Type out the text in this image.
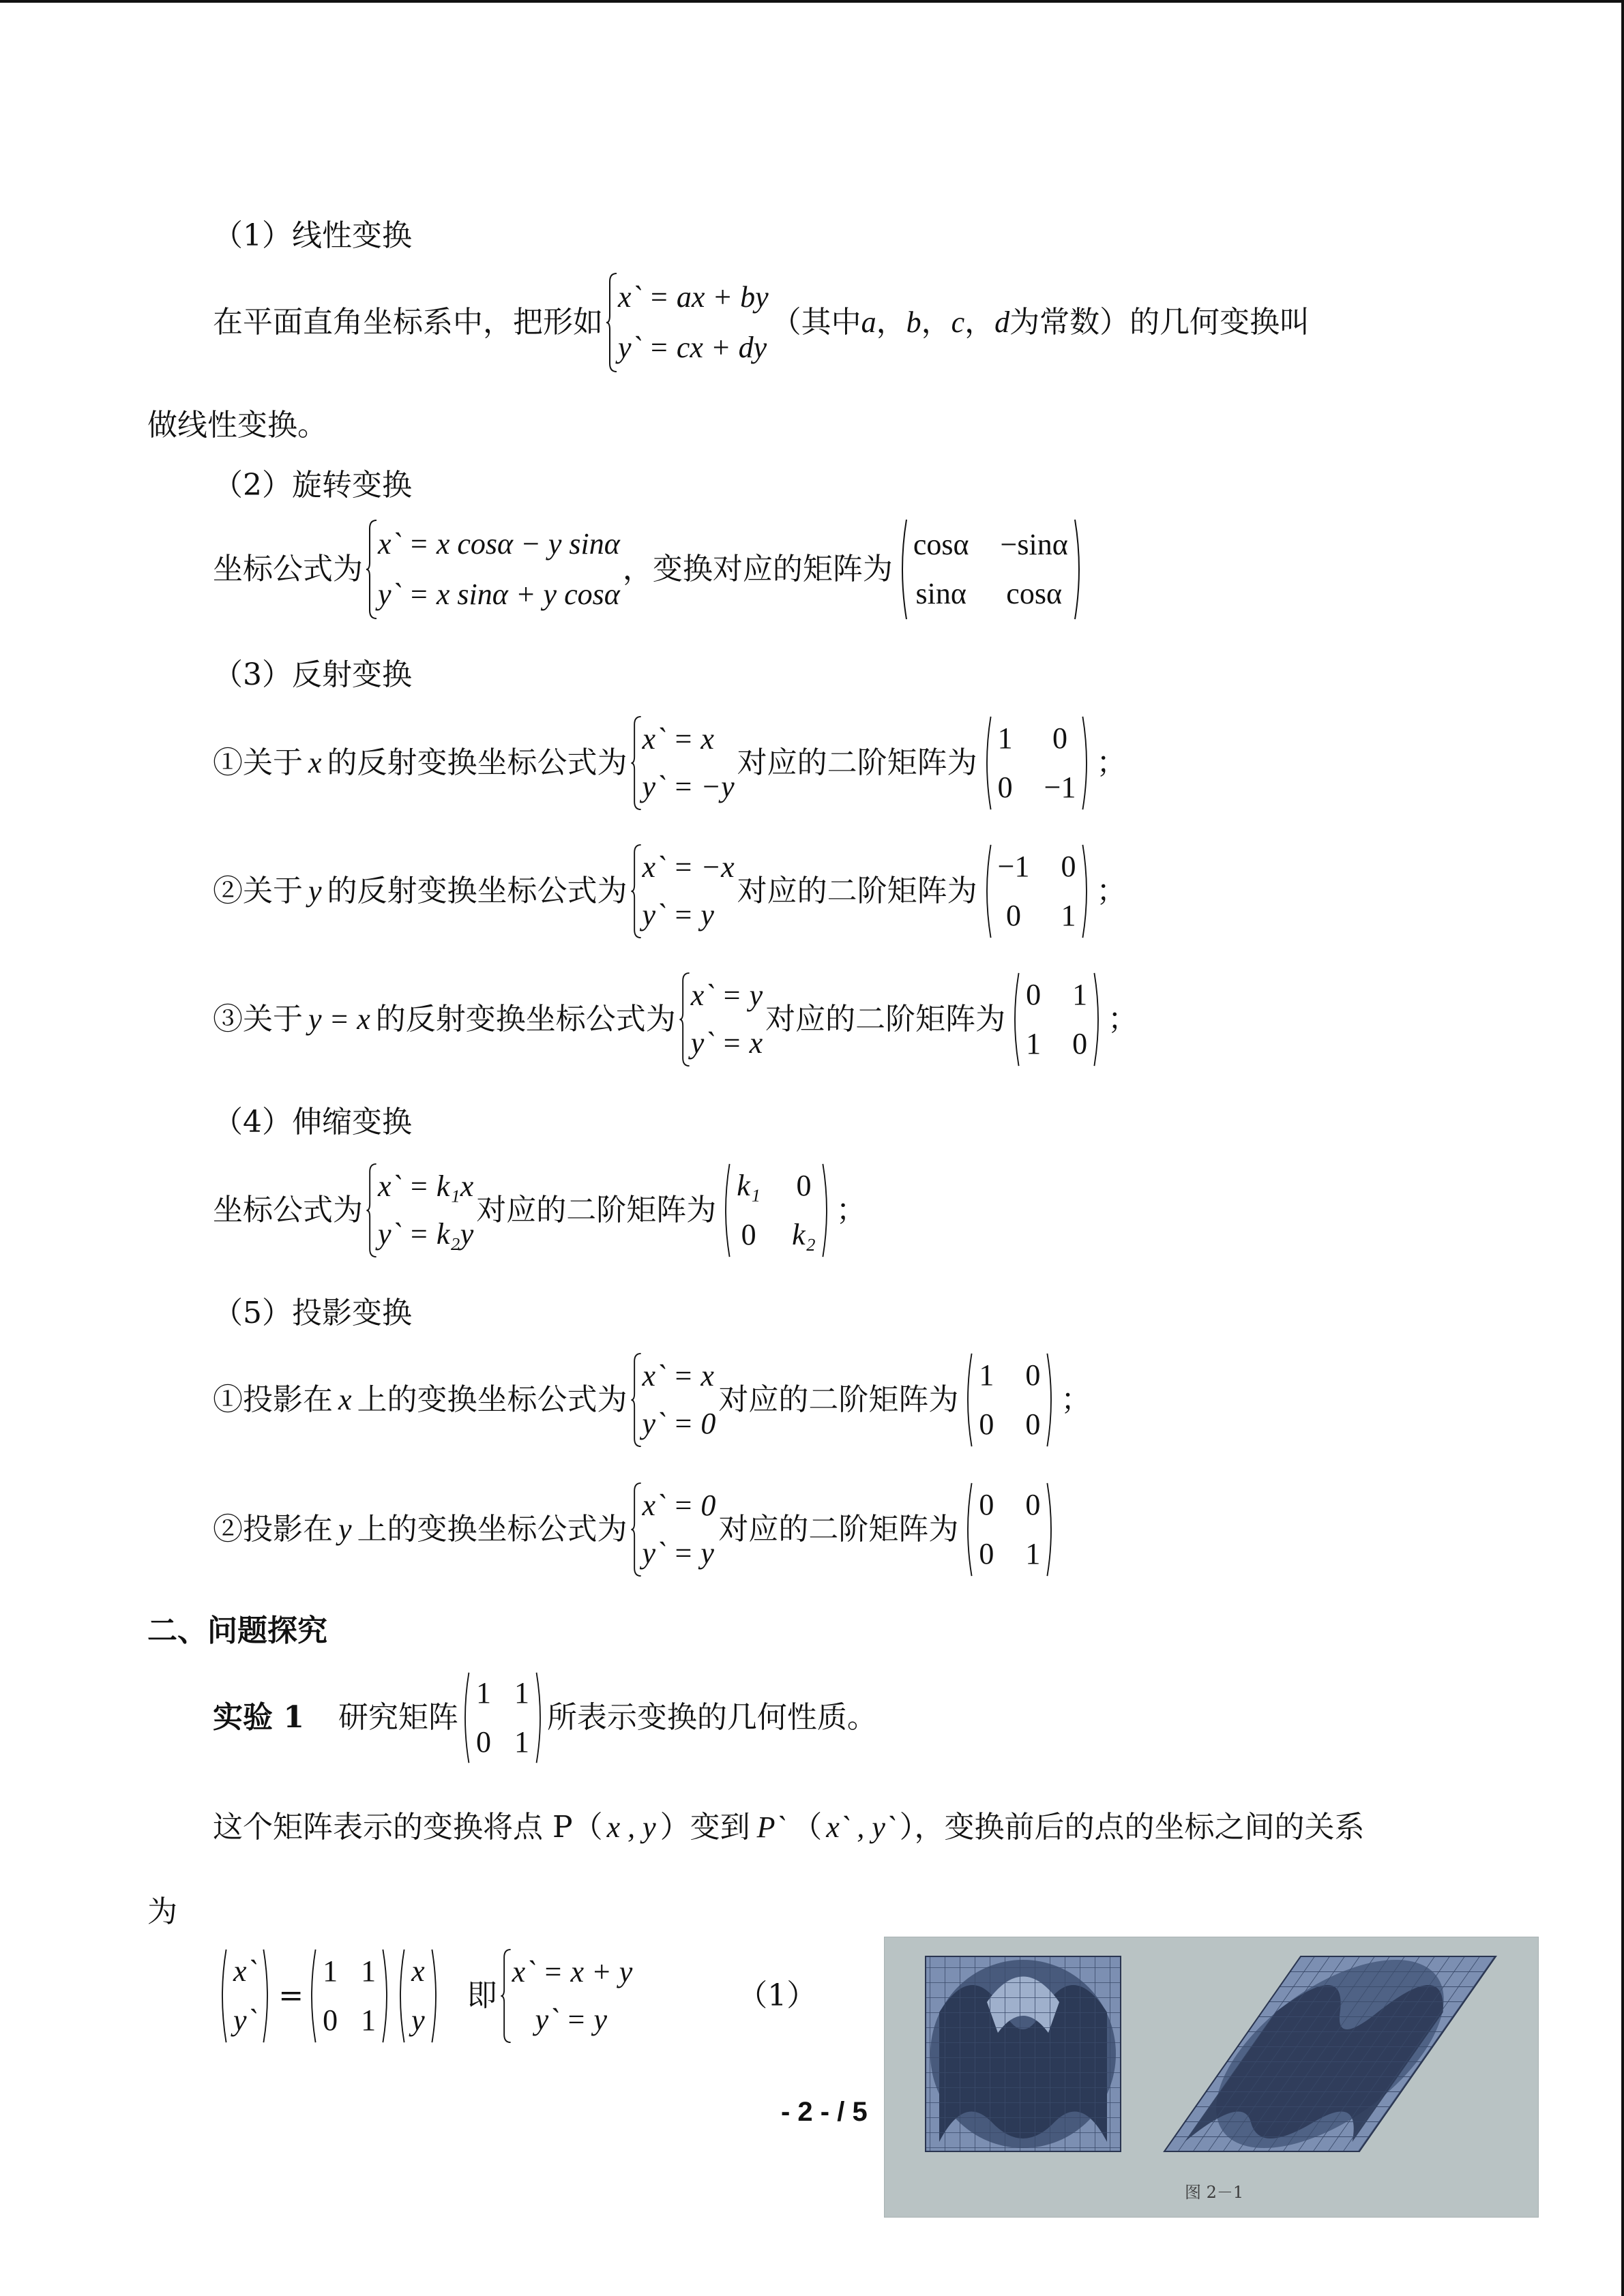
（1）线性变换
在平面直角坐标系中，把形如
x` = ax + by
y` = cx + dy
（其中 a ， b ， c ， d 为常数）的几何变换叫
做线性变换。
（2）旋转变换
坐标公式为
x` = x cosα − y sinα
y` = x sinα + y cosα
，变换对应的矩阵为
cosα −sinα
sinα cosα
（3）反射变换
①关于 x 的反射变换坐标公式为
x` = x
y` = −y
对应的二阶矩阵为
1 0
0 −1
；
②关于 y 的反射变换坐标公式为
x` = −x
y` = y
对应的二阶矩阵为
−1 0
0 1
；
③关于 y = x 的反射变换坐标公式为
x` = y
y` = x
对应的二阶矩阵为
0 1
1 0
；
（4）伸缩变换
坐标公式为
x` = k₁x
y` = k₂y
对应的二阶矩阵为
k₁ 0
0 k₂
；
（5）投影变换
①投影在 x 上的变换坐标公式为
x` = x
y` = 0
对应的二阶矩阵为
1 0
0 0
；
②投影在 y 上的变换坐标公式为
x` = 0
y` = y
对应的二阶矩阵为
0 0
0 1
二、问题探究
实验 1 研究矩阵
1 1
0 1
所表示变换的几何性质。
这个矩阵表示的变换将点 P（ x , y ）变到 P` （ x` , y` ），变换前后的点的坐标之间的关系
为
x`
y`
=
1 1
0 1
x
y
即
x` = x + y
y` = y
（1）
图 2－1
- 2 - / 5
